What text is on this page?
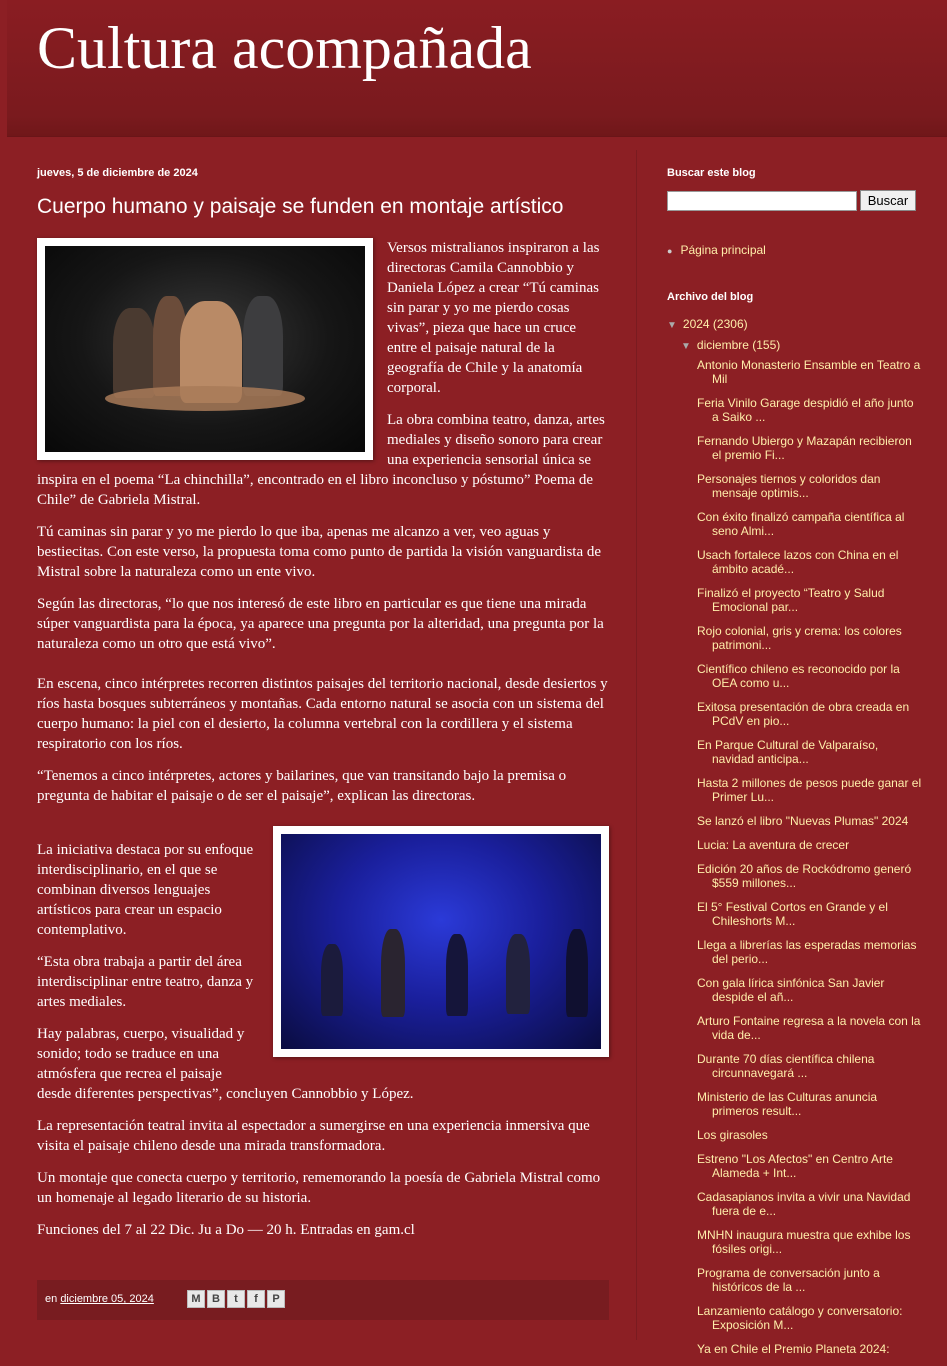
Cultura acompañada
jueves, 5 de diciembre de 2024
Cuerpo humano y paisaje se funden en montaje artístico

Versos mistralianos inspiraron a las directoras Camila Cannobbio y Daniela López a crear “Tú caminas sin parar y yo me pierdo cosas vivas”, pieza que hace un cruce entre el paisaje natural de la geografía de Chile y la anatomía corporal.

La obra combina teatro, danza, artes mediales y diseño sonoro para crear una experiencia sensorial única se inspira en el poema “La chinchilla”, encontrado en el libro inconcluso y póstumo” Poema de Chile” de Gabriela Mistral.

Tú caminas sin parar y yo me pierdo lo que iba, apenas me alcanzo a ver, veo aguas y bestiecitas. Con este verso, la propuesta toma como punto de partida la visión vanguardista de Mistral sobre la naturaleza como un ente vivo.

Según las directoras, “lo que nos interesó de este libro en particular es que tiene una mirada súper vanguardista para la época, ya aparece una pregunta por la alteridad, una pregunta por la naturaleza como un otro que está vivo”.

En escena, cinco intérpretes recorren distintos paisajes del territorio nacional, desde desiertos y ríos hasta bosques subterráneos y montañas. Cada entorno natural se asocia con un sistema del cuerpo humano: la piel con el desierto, la columna vertebral con la cordillera y el sistema respiratorio con los ríos.

“Tenemos a cinco intérpretes, actores y bailarines, que van transitando bajo la premisa o pregunta de habitar el paisaje o de ser el paisaje”, explican las directoras.

La iniciativa destaca por su enfoque interdisciplinario, en el que se combinan diversos lenguajes artísticos para crear un espacio contemplativo.

“Esta obra trabaja a partir del área interdisciplinar entre teatro, danza y artes mediales.

Hay palabras, cuerpo, visualidad y sonido; todo se traduce en una atmósfera que recrea el paisaje desde diferentes perspectivas”, concluyen Cannobbio y López.

La representación teatral invita al espectador a sumergirse en una experiencia inmersiva que visita el paisaje chileno desde una mirada transformadora.

Un montaje que conecta cuerpo y territorio, rememorando la poesía de Gabriela Mistral como un homenaje al legado literario de su historia.

Funciones del 7 al 22 Dic. Ju a Do — 20 h. Entradas en gam.cl

en diciembre 05, 2024	M	B	t	f	P
Buscar este blog
Buscar
● Página principal
Archivo del blog
▼ 2024 (2306)
▼ diciembre (155)
Antonio Monasterio Ensamble en Teatro a Mil
Feria Vinilo Garage despidió el año junto a Saiko ...
Fernando Ubiergo y Mazapán recibieron el premio Fi...
Personajes tiernos y coloridos dan mensaje optimis...
Con éxito finalizó campaña científica al seno Almi...
Usach fortalece lazos con China en el ámbito acadé...
Finalizó el proyecto “Teatro y Salud Emocional par...
Rojo colonial, gris y crema: los colores patrimoni...
Científico chileno es reconocido por la OEA como u...
Exitosa presentación de obra creada en PCdV en pio...
En Parque Cultural de Valparaíso, navidad anticipa...
Hasta 2 millones de pesos puede ganar el Primer Lu...
Se lanzó el libro "Nuevas Plumas" 2024
Lucia: La aventura de crecer
Edición 20 años de Rockódromo generó $559 millones...
El 5° Festival Cortos en Grande y el Chileshorts M...
Llega a librerías las esperadas memorias del perio...
Con gala lírica sinfónica San Javier despide el añ...
Arturo Fontaine regresa a la novela con la vida de...
Durante 70 días científica chilena circunnavegará ...
Ministerio de las Culturas anuncia primeros result...
Los girasoles
Estreno "Los Afectos" en Centro Arte Alameda + Int...
Cadasapianos invita a vivir una Navidad fuera de e...
MNHN inaugura muestra que exhibe los fósiles origi...
Programa de conversación junto a históricos de la ...
Lanzamiento catálogo y conversatorio: Exposición M...
Ya en Chile el Premio Planeta 2024:
